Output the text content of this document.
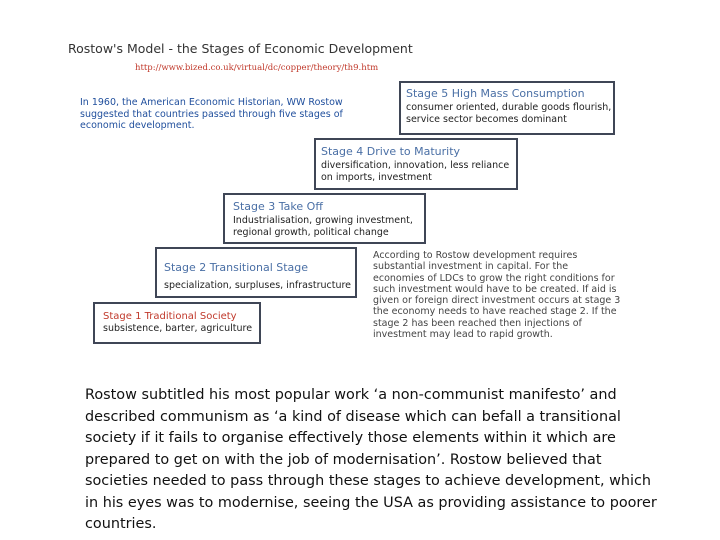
Rostow's Model - the Stages of Economic Development
http://www.bized.co.uk/virtual/dc/copper/theory/th9.htm
In 1960, the American Economic Historian, WW Rostow suggested that countries passed through five stages of economic development.
Stage 5 High Mass Consumption
consumer oriented, durable goods flourish, service sector becomes dominant
Stage 4 Drive to Maturity
diversification, innovation, less reliance on imports, investment
Stage 3 Take Off
Industrialisation, growing investment, regional growth, political change
Stage 2 Transitional Stage
specialization, surpluses, infrastructure
Stage 1 Traditional Society
subsistence, barter, agriculture
According to Rostow development requires substantial investment in capital. For the economies of LDCs to grow the right conditions for such investment would have to be created. If aid is given or foreign direct investment occurs at stage 3 the economy needs to have reached stage 2. If the stage 2 has been reached then injections of investment may lead to rapid growth.
Rostow subtitled his most popular work ‘a non-communist manifesto’ and described communism as ‘a kind of disease which can befall a transitional society if it fails to organise effectively those elements within it which are prepared to get on with the job of modernisation’. Rostow believed that societies needed to pass through these stages to achieve development, which in his eyes was to modernise, seeing the USA as providing assistance to poorer countries.
